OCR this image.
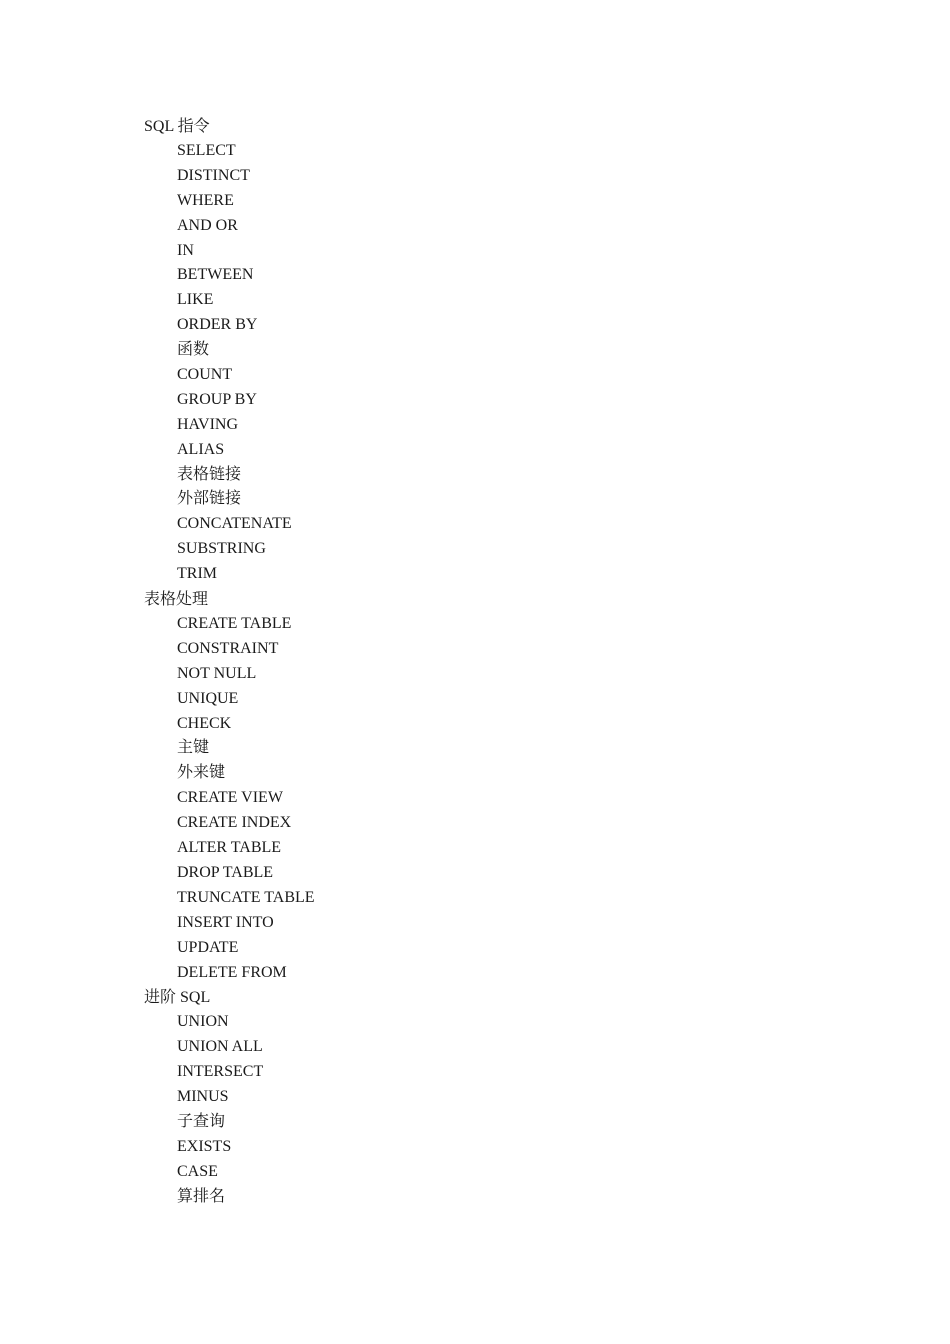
SQL 指令
SELECT
DISTINCT
WHERE
AND OR
IN
BETWEEN
LIKE
ORDER BY
函数
COUNT
GROUP BY
HAVING
ALIAS
表格链接
外部链接
CONCATENATE
SUBSTRING
TRIM
表格处理
CREATE TABLE
CONSTRAINT
NOT NULL
UNIQUE
CHECK
主键
外来键
CREATE VIEW
CREATE INDEX
ALTER TABLE
DROP TABLE
TRUNCATE TABLE
INSERT INTO
UPDATE
DELETE FROM
进阶 SQL
UNION
UNION ALL
INTERSECT
MINUS
子查询
EXISTS
CASE
算排名
